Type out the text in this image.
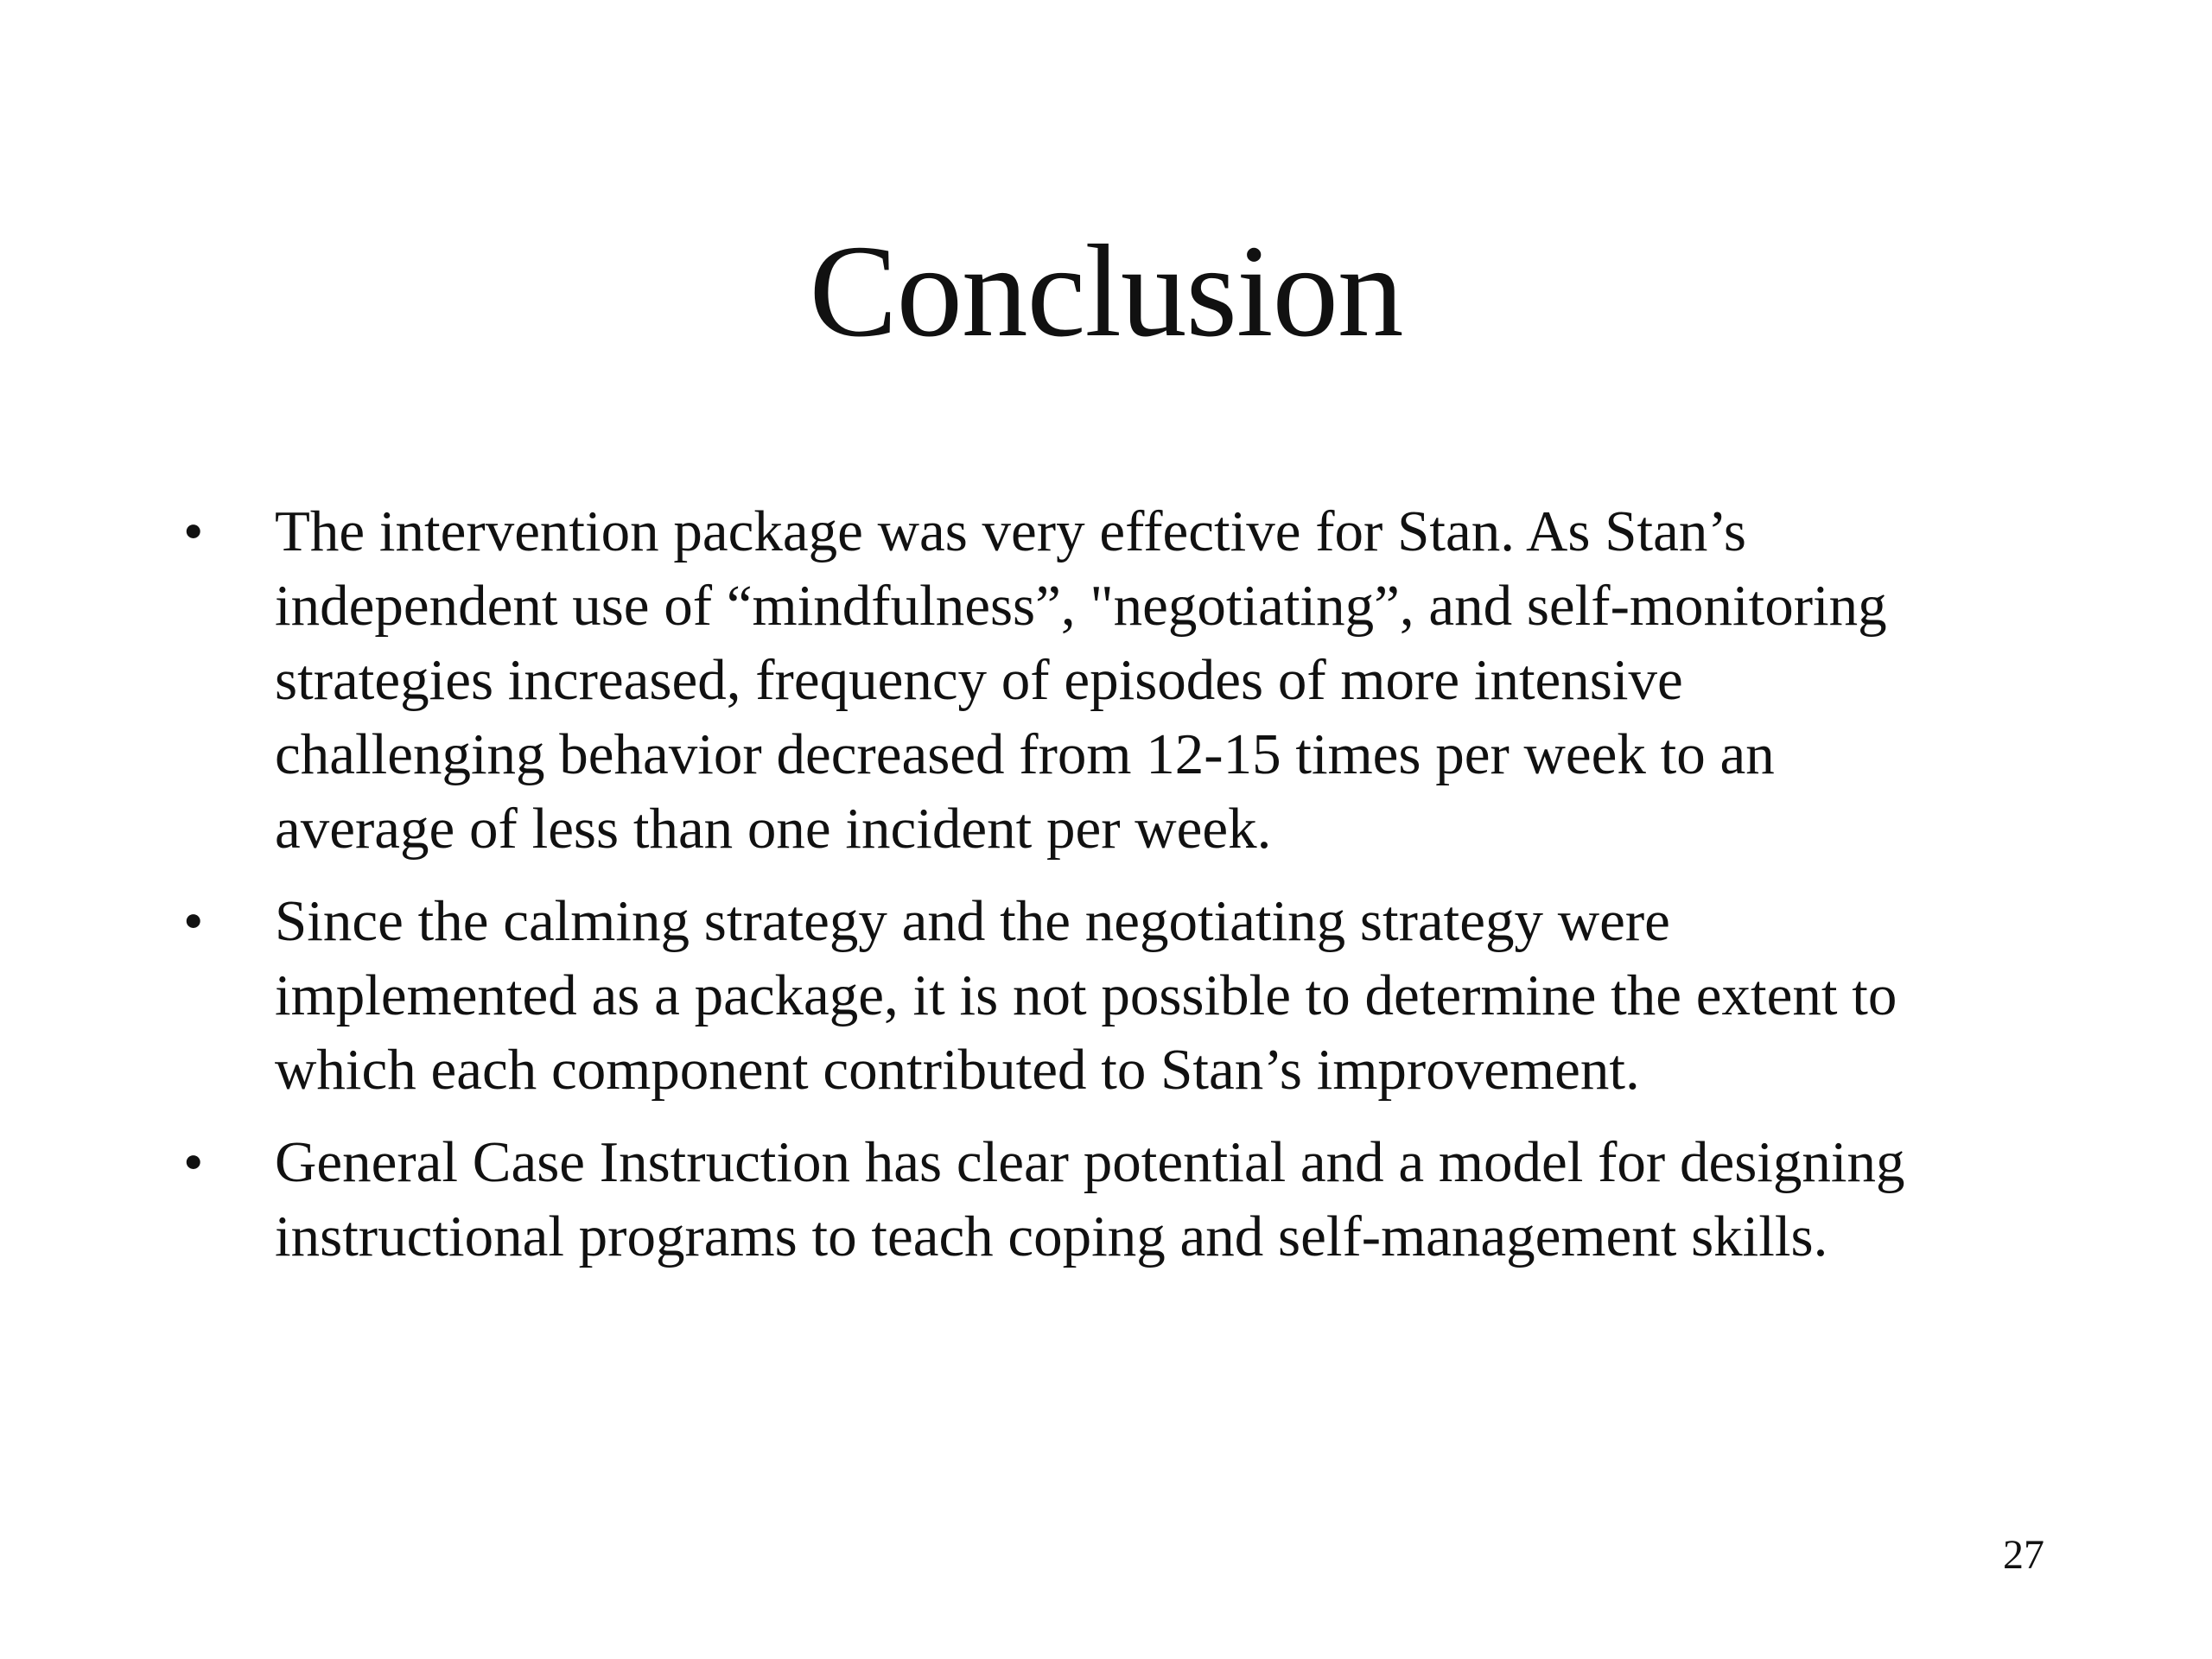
Conclusion
•	The intervention package was very effective for Stan. As Stan’s
independent use of “mindfulness”, "negotiating”, and self-monitoring
strategies increased, frequency of episodes of more intensive
challenging behavior decreased from 12-15 times per week to an
average of less than one incident per week.
•	Since the calming strategy and the negotiating strategy were
implemented as a package, it is not possible to determine the extent to
which each component contributed to Stan’s improvement.
•	General Case Instruction has clear potential and a model for designing
instructional programs to teach coping and self-management skills.
27
